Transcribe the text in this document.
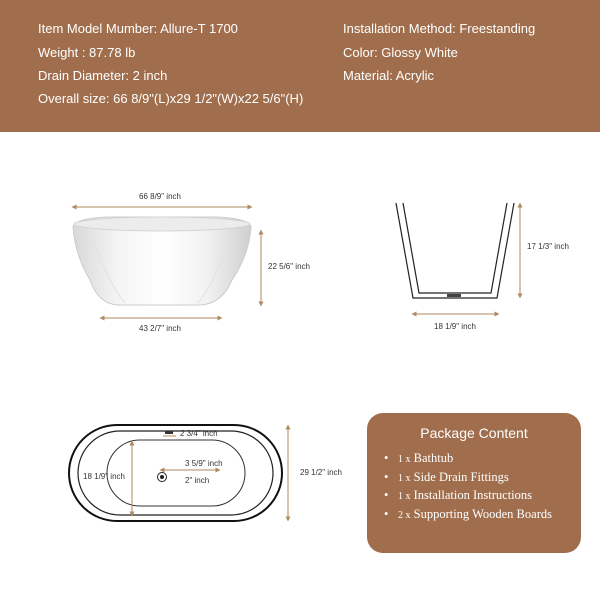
Item Model Mumber: Allure-T 1700
Weight : 87.78 lb
Drain Diameter: 2 inch
Overall size: 66 8/9"(L)x29 1/2"(W)x22 5/6"(H)
Installation Method: Freestanding
Color: Glossy White
Material: Acrylic
66 8/9" inch
22 5/6" inch
43 2/7" inch
17 1/3" inch
18 1/9" inch
2 3/4" inch
18 1/9" inch	29 1/2" inch
3 5/9" inch
2" inch
Package Content
• 1 x Bathtub
• 1 x Side Drain Fittings
• 1 x Installation Instructions
• 2 x Supporting Wooden Boards
